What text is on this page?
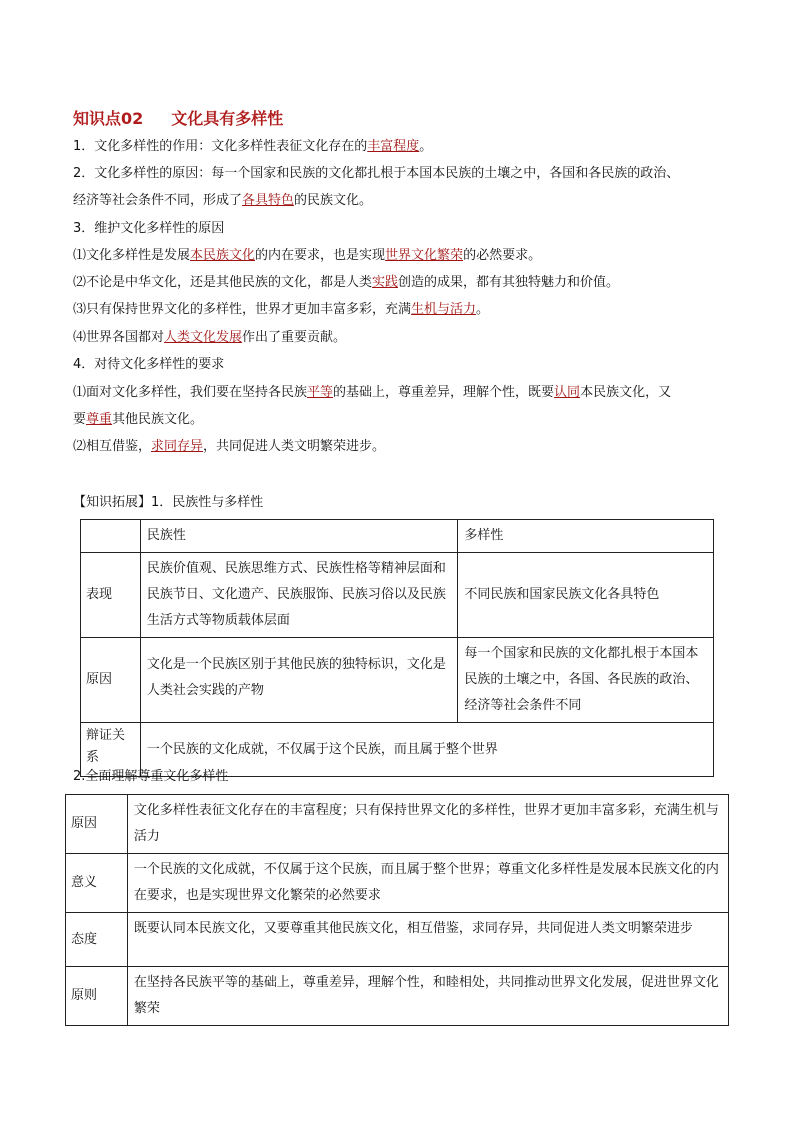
知识点02 文化具有多样性
1．文化多样性的作用：文化多样性表征文化存在的丰富程度。
2．文化多样性的原因：每一个国家和民族的文化都扎根于本国本民族的土壤之中，各国和各民族的政治、
经济等社会条件不同，形成了各具特色的民族文化。
3．维护文化多样性的原因
⑴文化多样性是发展本民族文化的内在要求，也是实现世界文化繁荣的必然要求。
⑵不论是中华文化，还是其他民族的文化，都是人类实践创造的成果，都有其独特魅力和价值。
⑶只有保持世界文化的多样性，世界才更加丰富多彩，充满生机与活力。
⑷世界各国都对人类文化发展作出了重要贡献。
4．对待文化多样性的要求
⑴面对文化多样性，我们要在坚持各民族平等的基础上，尊重差异，理解个性，既要认同本民族文化，又
要尊重其他民族文化。
⑵相互借鉴，求同存异，共同促进人类文明繁荣进步。
【知识拓展】1．民族性与多样性
	民族性	多样性
表现	民族价值观、民族思维方式、民族性格等精神层面和民族节日、文化遗产、民族服饰、民族习俗以及民族生活方式等物质载体层面	不同民族和国家民族文化各具特色
原因	文化是一个民族区别于其他民族的独特标识，文化是人类社会实践的产物	每一个国家和民族的文化都扎根于本国本民族的土壤之中，各国、各民族的政治、经济等社会条件不同
辩证关系	一个民族的文化成就，不仅属于这个民族，而且属于整个世界	
2.全面理解尊重文化多样性
原因	文化多样性表征文化存在的丰富程度；只有保持世界文化的多样性，世界才更加丰富多彩，充满生机与活力
意义	一个民族的文化成就，不仅属于这个民族，而且属于整个世界；尊重文化多样性是发展本民族文化的内在要求，也是实现世界文化繁荣的必然要求
态度	既要认同本民族文化，又要尊重其他民族文化，相互借鉴，求同存异，共同促进人类文明繁荣进步
原则	在坚持各民族平等的基础上，尊重差异，理解个性，和睦相处，共同推动世界文化发展，促进世界文化繁荣
